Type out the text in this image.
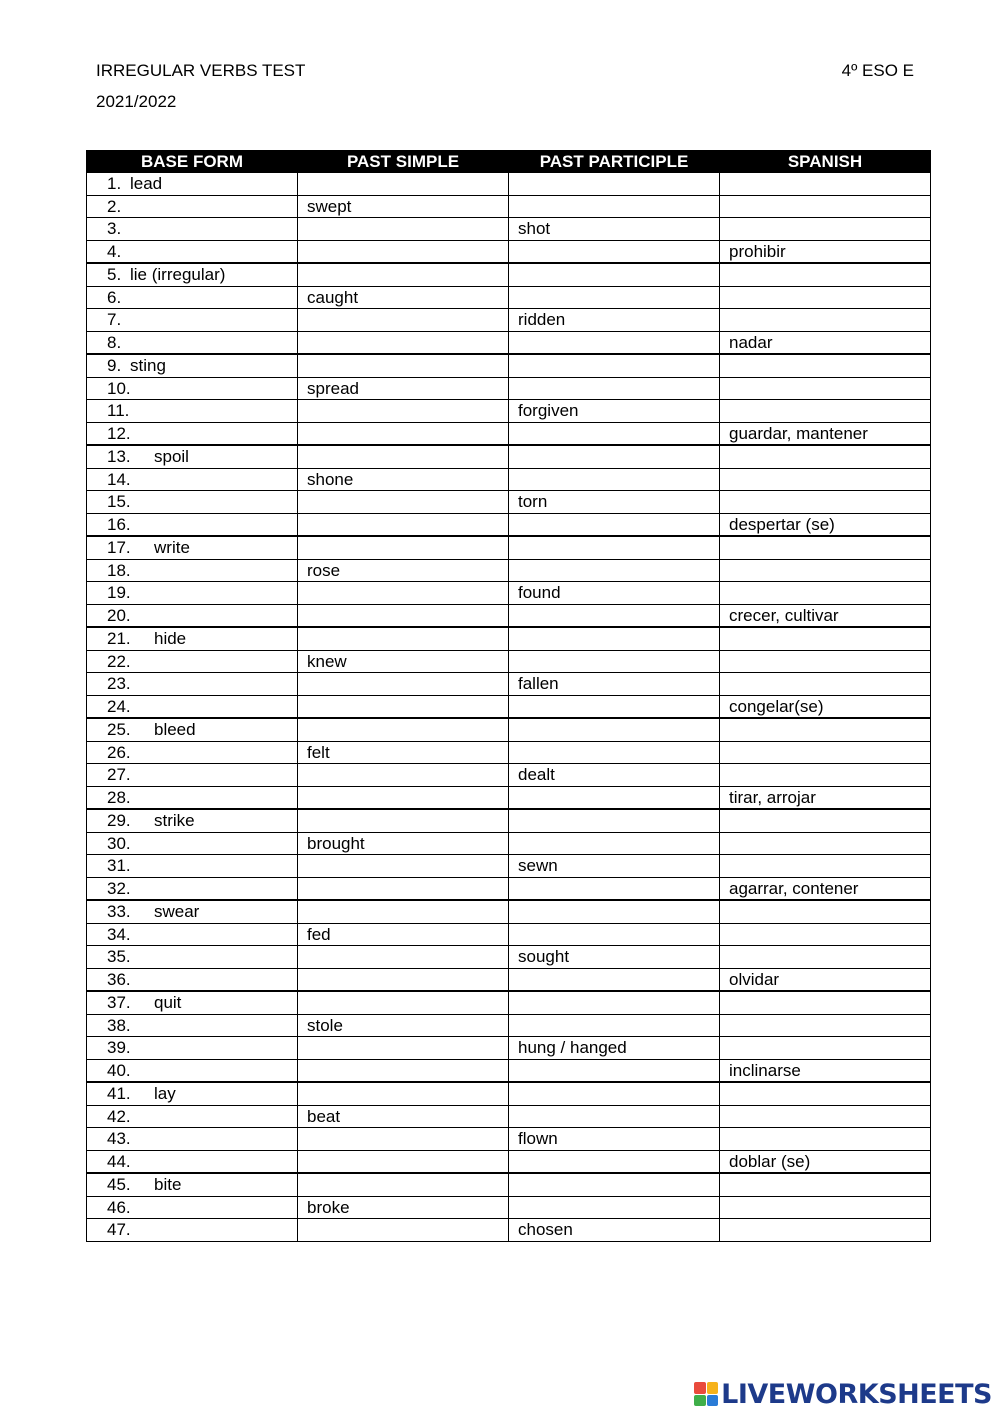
IRREGULAR VERBS TEST
2021/2022
4º ESO E
BASE FORM	PAST SIMPLE	PAST PARTICIPLE	SPANISH
1. lead			
2.	swept		
3.		shot	
4.			prohibir
5. lie (irregular)			
6.	caught		
7.		ridden	
8.			nadar
9. sting			
10.	spread		
11.		forgiven	
12.			guardar, mantener
13. spoil			
14.	shone		
15.		torn	
16.			despertar (se)
17. write			
18.	rose		
19.		found	
20.			crecer, cultivar
21. hide			
22.	knew		
23.		fallen	
24.			congelar(se)
25. bleed			
26.	felt		
27.		dealt	
28.			tirar, arrojar
29. strike			
30.	brought		
31.		sewn	
32.			agarrar, contener
33. swear			
34.	fed		
35.		sought	
36.			olvidar
37. quit			
38.	stole		
39.		hung / hanged	
40.			inclinarse
41. lay			
42.	beat		
43.		flown	
44.			doblar (se)
45. bite			
46.	broke		
47.		chosen	
LIVEWORKSHEETS
